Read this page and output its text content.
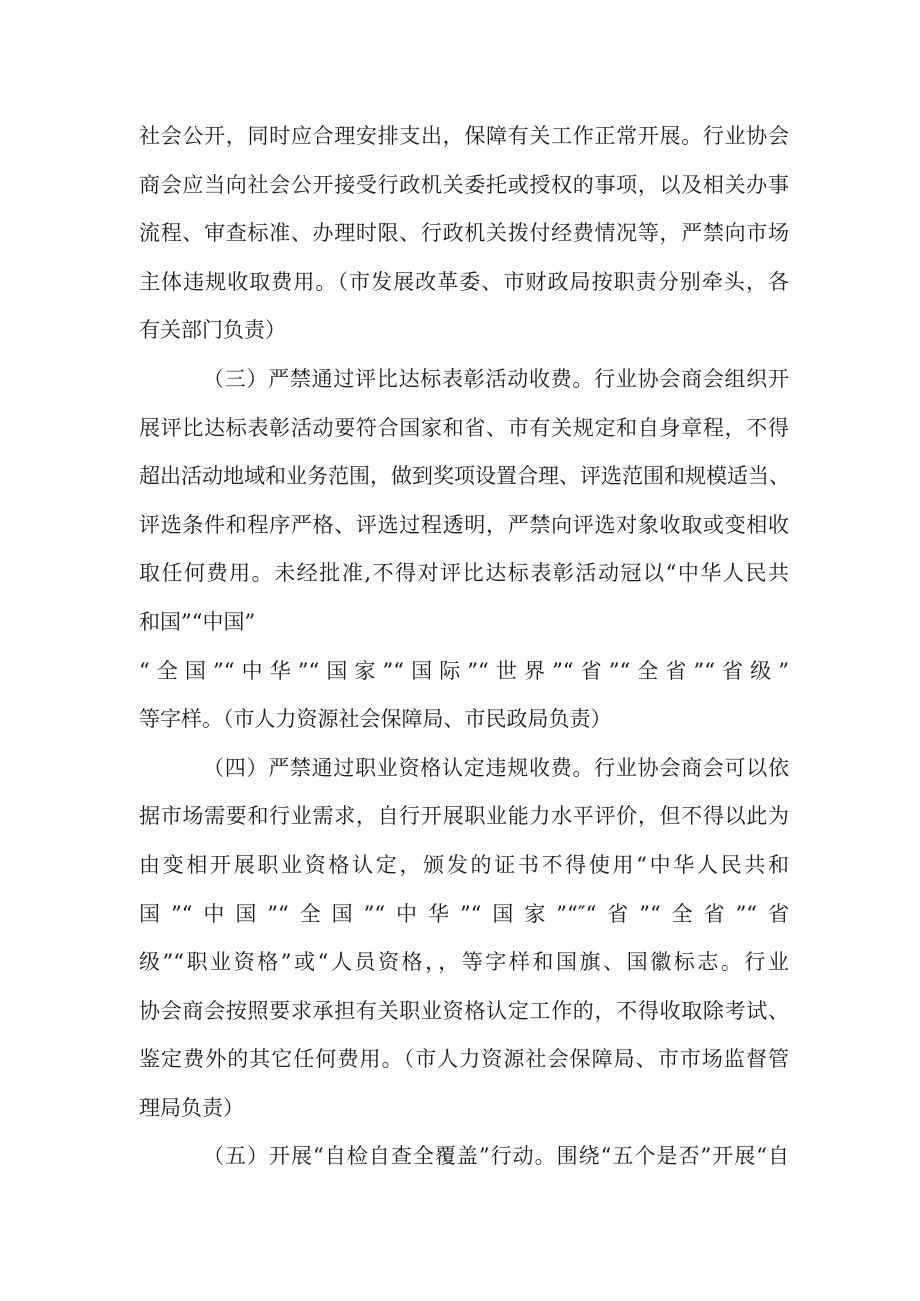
社会公开，同时应合理安排支出，保障有关工作正常开展。行业协会
商会应当向社会公开接受行政机关委托或授权的事项，以及相关办事
流程、审查标准、办理时限、行政机关拨付经费情况等，严禁向市场
主体违规收取费用。（市发展改革委、市财政局按职责分别牵头，各
有关部门负责）
（三）严禁通过评比达标表彰活动收费。行业协会商会组织开
展评比达标表彰活动要符合国家和省、市有关规定和自身章程，不得
超出活动地域和业务范围，做到奖项设置合理、评选范围和规模适当、
评选条件和程序严格、评选过程透明，严禁向评选对象收取或变相收
取任何费用。未经批准,不得对评比达标表彰活动冠以“中华人民共
和国”“中国”
“全国”“中华”“国家”“国际”“世界”“省”“全省”“省级”
等字样。（市人力资源社会保障局、市民政局负责）
（四）严禁通过职业资格认定违规收费。行业协会商会可以依
据市场需要和行业需求，自行开展职业能力水平评价，但不得以此为
由变相开展职业资格认定，颁发的证书不得使用“中华人民共和
国”“中国”“全国”“中华”“国家”“″“省”“全省”“省
级”“职业资格”或“人员资格，，等字样和国旗、国徽标志。行业
协会商会按照要求承担有关职业资格认定工作的，不得收取除考试、
鉴定费外的其它任何费用。（市人力资源社会保障局、市市场监督管
理局负责）
（五）开展“自检自查全覆盖”行动。围绕“五个是否”开展“自
